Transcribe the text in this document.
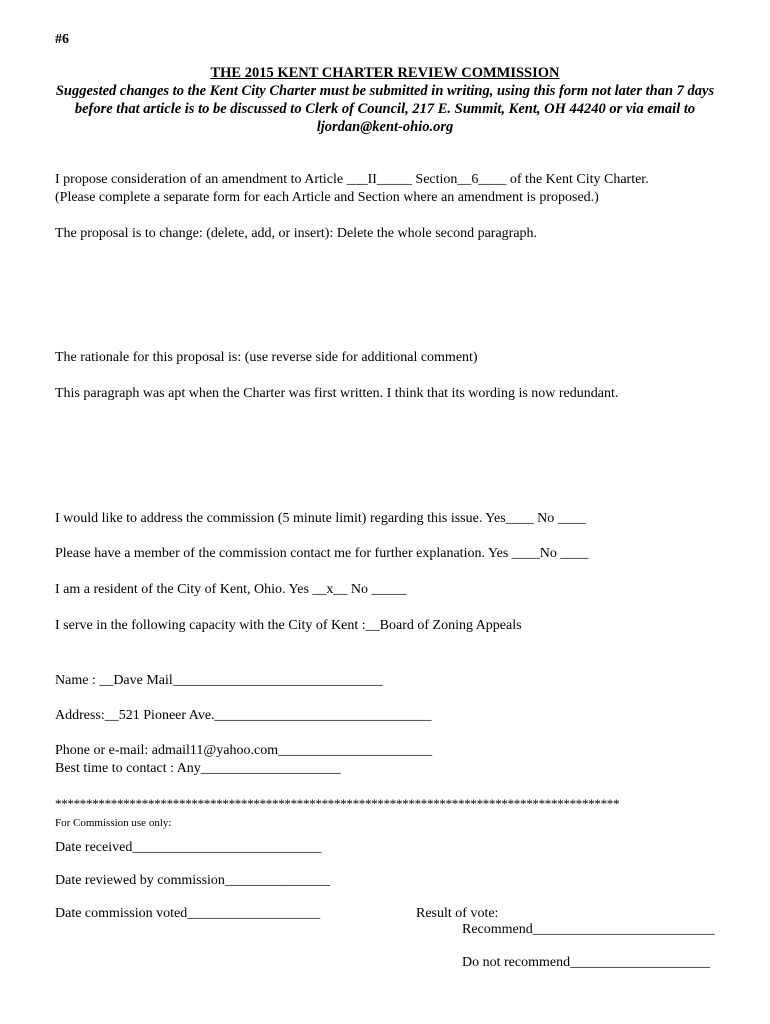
#6
THE 2015 KENT CHARTER REVIEW COMMISSION
Suggested changes to the Kent City Charter must be submitted in writing, using this form not later than 7 days before that article is to be discussed to Clerk of Council, 217 E. Summit, Kent, OH 44240 or via email to ljordan@kent-ohio.org
I propose consideration of an amendment to Article ___II_____ Section__6____ of the Kent City Charter.
(Please complete a separate form for each Article and Section where an amendment is proposed.)
The proposal is to change: (delete, add, or insert): Delete the whole second paragraph.
The rationale for this proposal is: (use reverse side for additional comment)
This paragraph was apt when the Charter was first written. I think that its wording is now redundant.
I would like to address the commission (5 minute limit) regarding this issue. Yes____ No ____
Please have a member of the commission contact me for further explanation. Yes ____No ____
I am a resident of the City of Kent, Ohio. Yes __x__ No _____
I serve in the following capacity with the City of Kent :__Board of Zoning Appeals
Name : __Dave Mail______________________________
Address:__521 Pioneer Ave._______________________________
Phone or e-mail: admail11@yahoo.com______________________
Best time to contact : Any____________________
*******************************************************************************************
For Commission use only:
Date received___________________________
Date reviewed by commission_______________
Date commission voted___________________	Result of vote:
Recommend__________________________
Do not recommend____________________
